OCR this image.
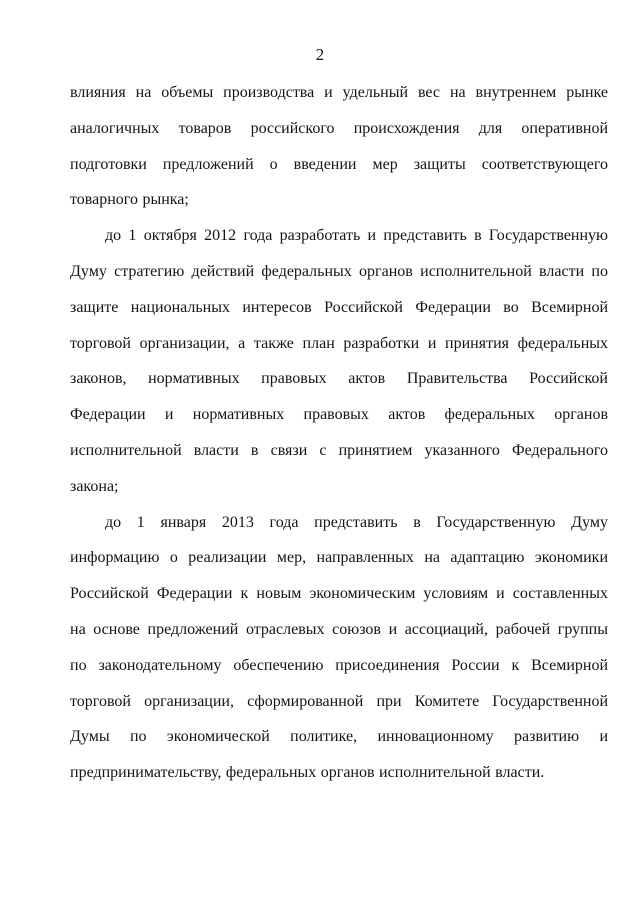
2

влияния на объемы производства и удельный вес на внутреннем рынке
аналогичных товаров российского происхождения для оперативной
подготовки предложений о введении мер защиты соответствующего
товарного рынка;

до 1 октября 2012 года разработать и представить в Государственную
Думу стратегию действий федеральных органов исполнительной власти по
защите национальных интересов Российской Федерации во Всемирной
торговой организации, а также план разработки и принятия федеральных
законов, нормативных правовых актов Правительства Российской
Федерации и нормативных правовых актов федеральных органов
исполнительной власти в связи с принятием указанного Федерального
закона;

до 1 января 2013 года представить в Государственную Думу
информацию о реализации мер, направленных на адаптацию экономики
Российской Федерации к новым экономическим условиям и составленных
на основе предложений отраслевых союзов и ассоциаций, рабочей группы
по законодательному обеспечению присоединения России к Всемирной
торговой организации, сформированной при Комитете Государственной
Думы по экономической политике, инновационному развитию и
предпринимательству, федеральных органов исполнительной власти.
